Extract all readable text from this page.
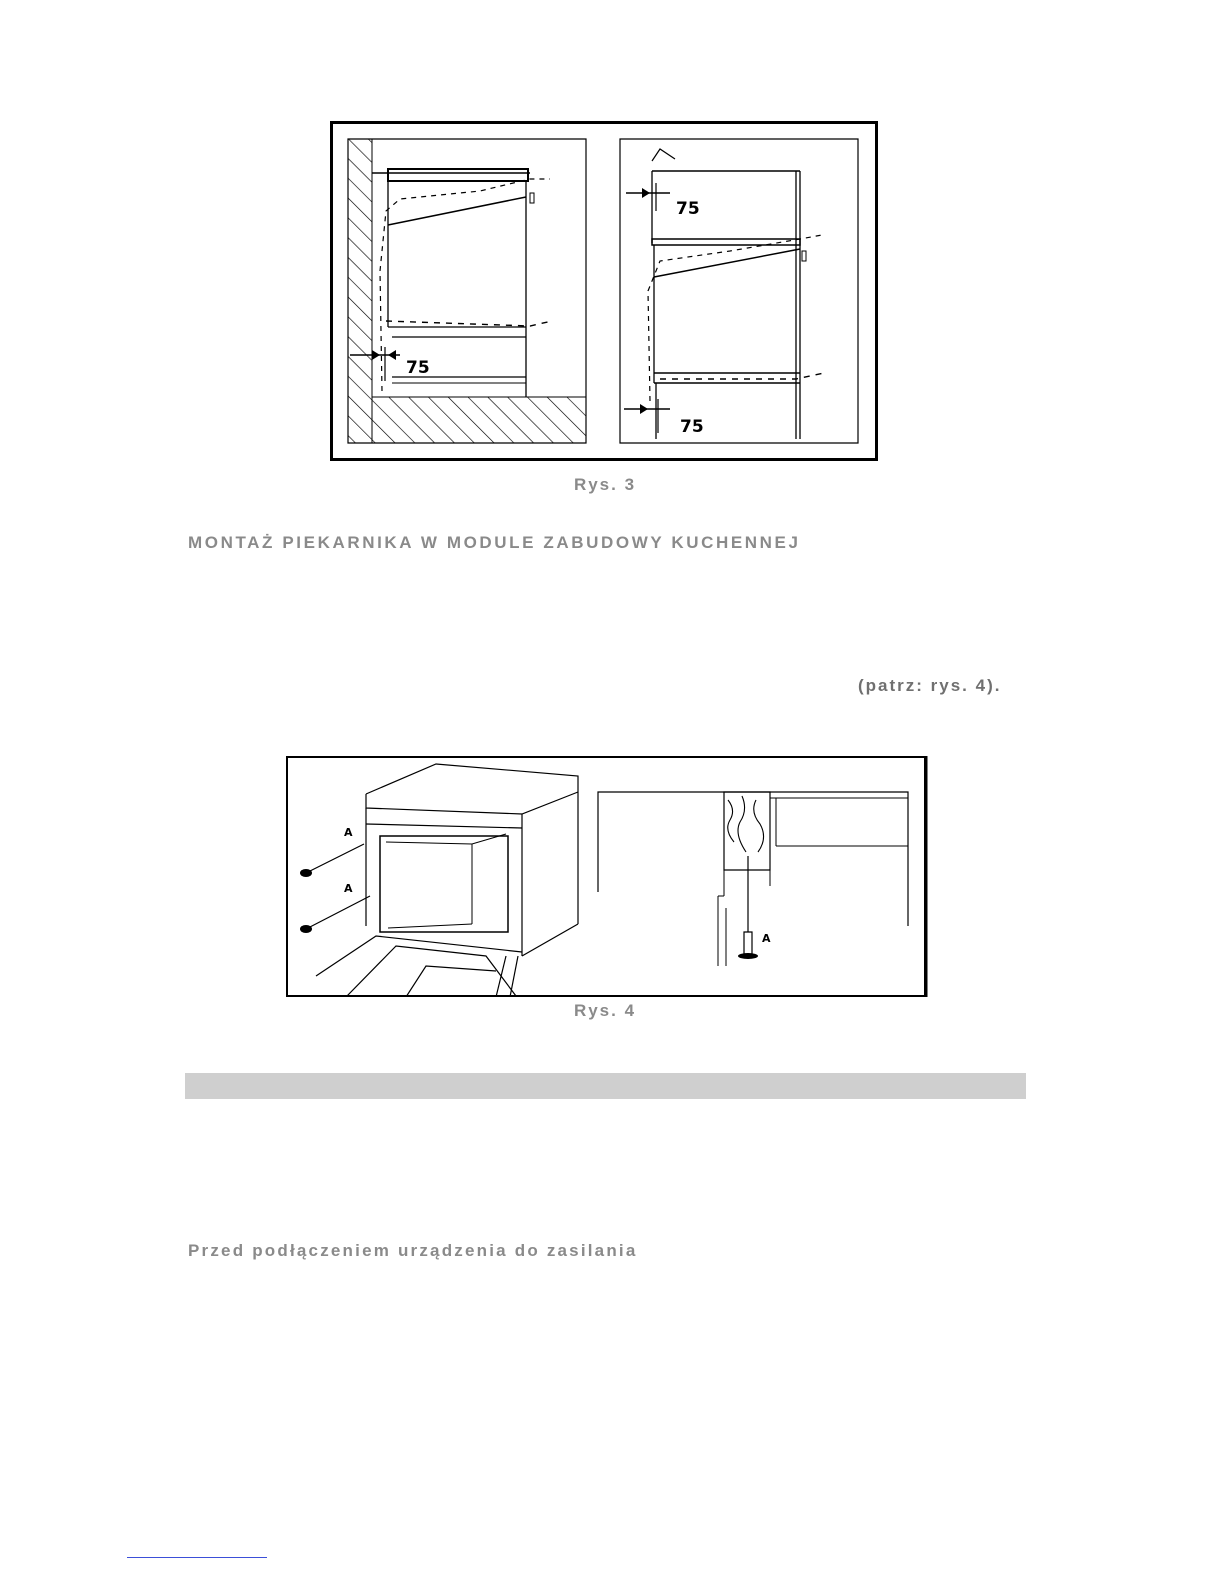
75
75
75
Rys. 3
MONTAŻ PIEKARNIKA W MODULE ZABUDOWY KUCHENNEJ
(patrz: rys. 4).
A
A
A
Rys. 4
Przed podłączeniem urządzenia do zasilania
